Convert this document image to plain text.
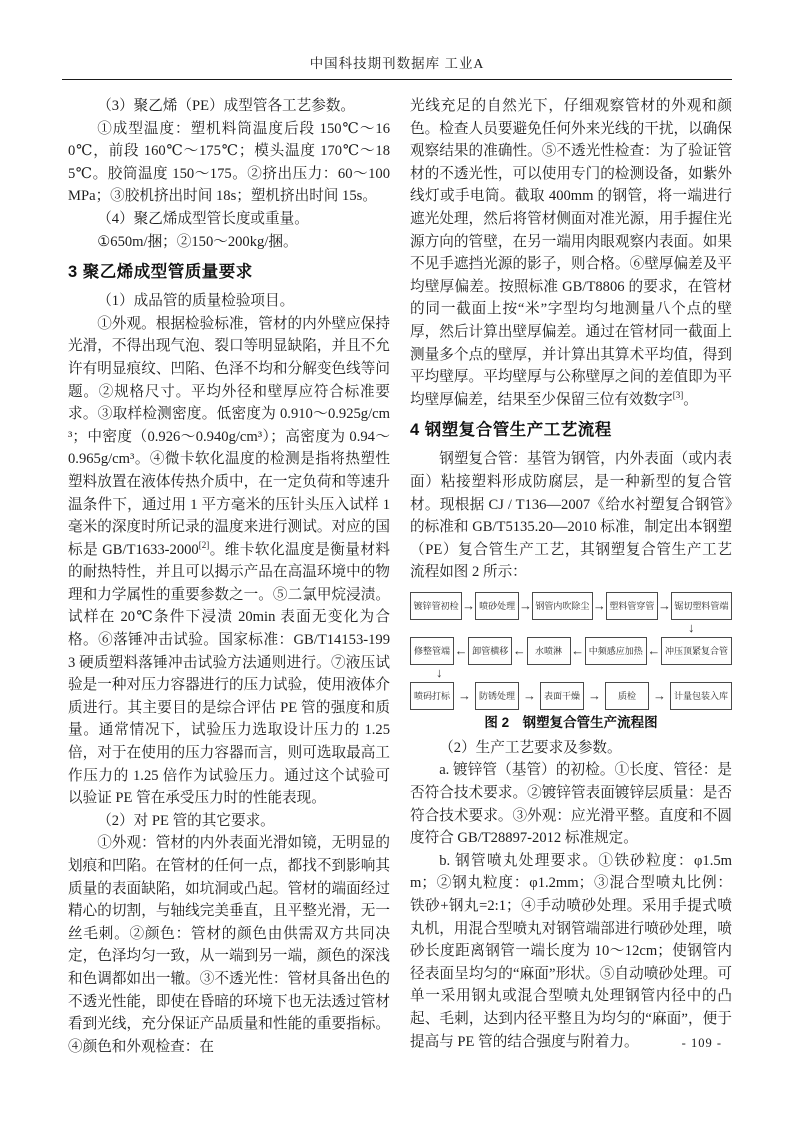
中国科技期刊数据库 工业A

（3）聚乙烯（PE）成型管各工艺参数。

①成型温度：塑机料筒温度后段 150℃～160℃，前段 160℃～175℃；模头温度 170℃～185℃。胶筒温度 150～175。②挤出压力：60～100MPa；③胶机挤出时间 18s；塑机挤出时间 15s。

（4）聚乙烯成型管长度或重量。

①650m/捆；②150～200kg/捆。

3 聚乙烯成型管质量要求

（1）成品管的质量检验项目。

①外观。根据检验标准，管材的内外壁应保持光滑，不得出现气泡、裂口等明显缺陷，并且不允许有明显痕纹、凹陷、色泽不均和分解变色线等问题。②规格尺寸。平均外径和壁厚应符合标准要求。③取样检测密度。低密度为 0.910～0.925g/cm³；中密度（0.926～0.940g/cm³）；高密度为 0.94～0.965g/cm³。④微卡软化温度的检测是指将热塑性塑料放置在液体传热介质中，在一定负荷和等速升温条件下，通过用 1 平方毫米的压针头压入试样 1 毫米的深度时所记录的温度来进行测试。对应的国标是 GB/T1633-2000[2]。维卡软化温度是衡量材料的耐热特性，并且可以揭示产品在高温环境中的物理和力学属性的重要参数之一。⑤二氯甲烷浸渍。试样在 20℃条件下浸渍 20min 表面无变化为合格。⑥落锤冲击试验。国家标准：GB/T14153-1993 硬质塑料落锤冲击试验方法通则进行。⑦液压试验是一种对压力容器进行的压力试验，使用液体介质进行。其主要目的是综合评估 PE 管的强度和质量。通常情况下，试验压力选取设计压力的 1.25 倍，对于在使用的压力容器而言，则可选取最高工作压力的 1.25 倍作为试验压力。通过这个试验可以验证 PE 管在承受压力时的性能表现。

（2）对 PE 管的其它要求。

①外观：管材的内外表面光滑如镜，无明显的划痕和凹陷。在管材的任何一点，都找不到影响其质量的表面缺陷，如坑洞或凸起。管材的端面经过精心的切割，与轴线完美垂直，且平整光滑，无一丝毛刺。②颜色：管材的颜色由供需双方共同决定，色泽均匀一致，从一端到另一端，颜色的深浅和色调都如出一辙。③不透光性：管材具备出色的不透光性能，即使在昏暗的环境下也无法透过管材看到光线，充分保证产品质量和性能的重要指标。④颜色和外观检查：在

光线充足的自然光下，仔细观察管材的外观和颜色。检查人员要避免任何外来光线的干扰，以确保观察结果的准确性。⑤不透光性检查：为了验证管材的不透光性，可以使用专门的检测设备，如紫外线灯或手电筒。截取 400mm 的钢管，将一端进行遮光处理，然后将管材侧面对准光源，用手握住光源方向的管壁，在另一端用肉眼观察内表面。如果不见手遮挡光源的影子，则合格。⑥壁厚偏差及平均壁厚偏差。按照标准 GB/T8806 的要求，在管材的同一截面上按“米”字型均匀地测量八个点的壁厚，然后计算出壁厚偏差。通过在管材同一截面上测量多个点的壁厚，并计算出其算术平均值，得到平均壁厚。平均壁厚与公称壁厚之间的差值即为平均壁厚偏差，结果至少保留三位有效数字[3]。

4 钢塑复合管生产工艺流程

钢塑复合管：基管为钢管，内外表面（或内表面）粘接塑料形成防腐层，是一种新型的复合管材。现根据 CJ / T136—2007《给水衬塑复合钢管》的标准和 GB/T5135.20—2010 标准，制定出本钢塑（PE）复合管生产工艺，其钢塑复合管生产工艺流程如图 2 所示：

镀锌管初检 → 喷砂处理 → 钢管内吹除尘 → 塑料管穿管 → 锯切塑料管端
↓
修整管端 ← 卸管横移 ←	水喷淋 ← 中频感应加热 ← 冲压顶紧复合管
↓
喷码打标 → 防锈处理 → 表面干燥 →	质检	→ 计量包装入库
图 2　钢塑复合管生产流程图

（2）生产工艺要求及参数。

a. 镀锌管（基管）的初检。①长度、管径：是否符合技术要求。②镀锌管表面镀锌层质量：是否符合技术要求。③外观：应光滑平整。直度和不圆度符合 GB/T28897-2012 标准规定。

b. 钢管喷丸处理要求。①铁砂粒度：φ1.5mm；②钢丸粒度：φ1.2mm；③混合型喷丸比例：铁砂+钢丸=2:1；④手动喷砂处理。采用手提式喷丸机，用混合型喷丸对钢管端部进行喷砂处理，喷砂长度距离钢管一端长度为 10～12cm；使钢管内径表面呈均匀的“麻面”形状。⑤自动喷砂处理。可单一采用钢丸或混合型喷丸处理钢管内径中的凸起、毛刺，达到内径平整且为均匀的“麻面”，便于提高与 PE 管的结合强度与附着力。	- 109 -
